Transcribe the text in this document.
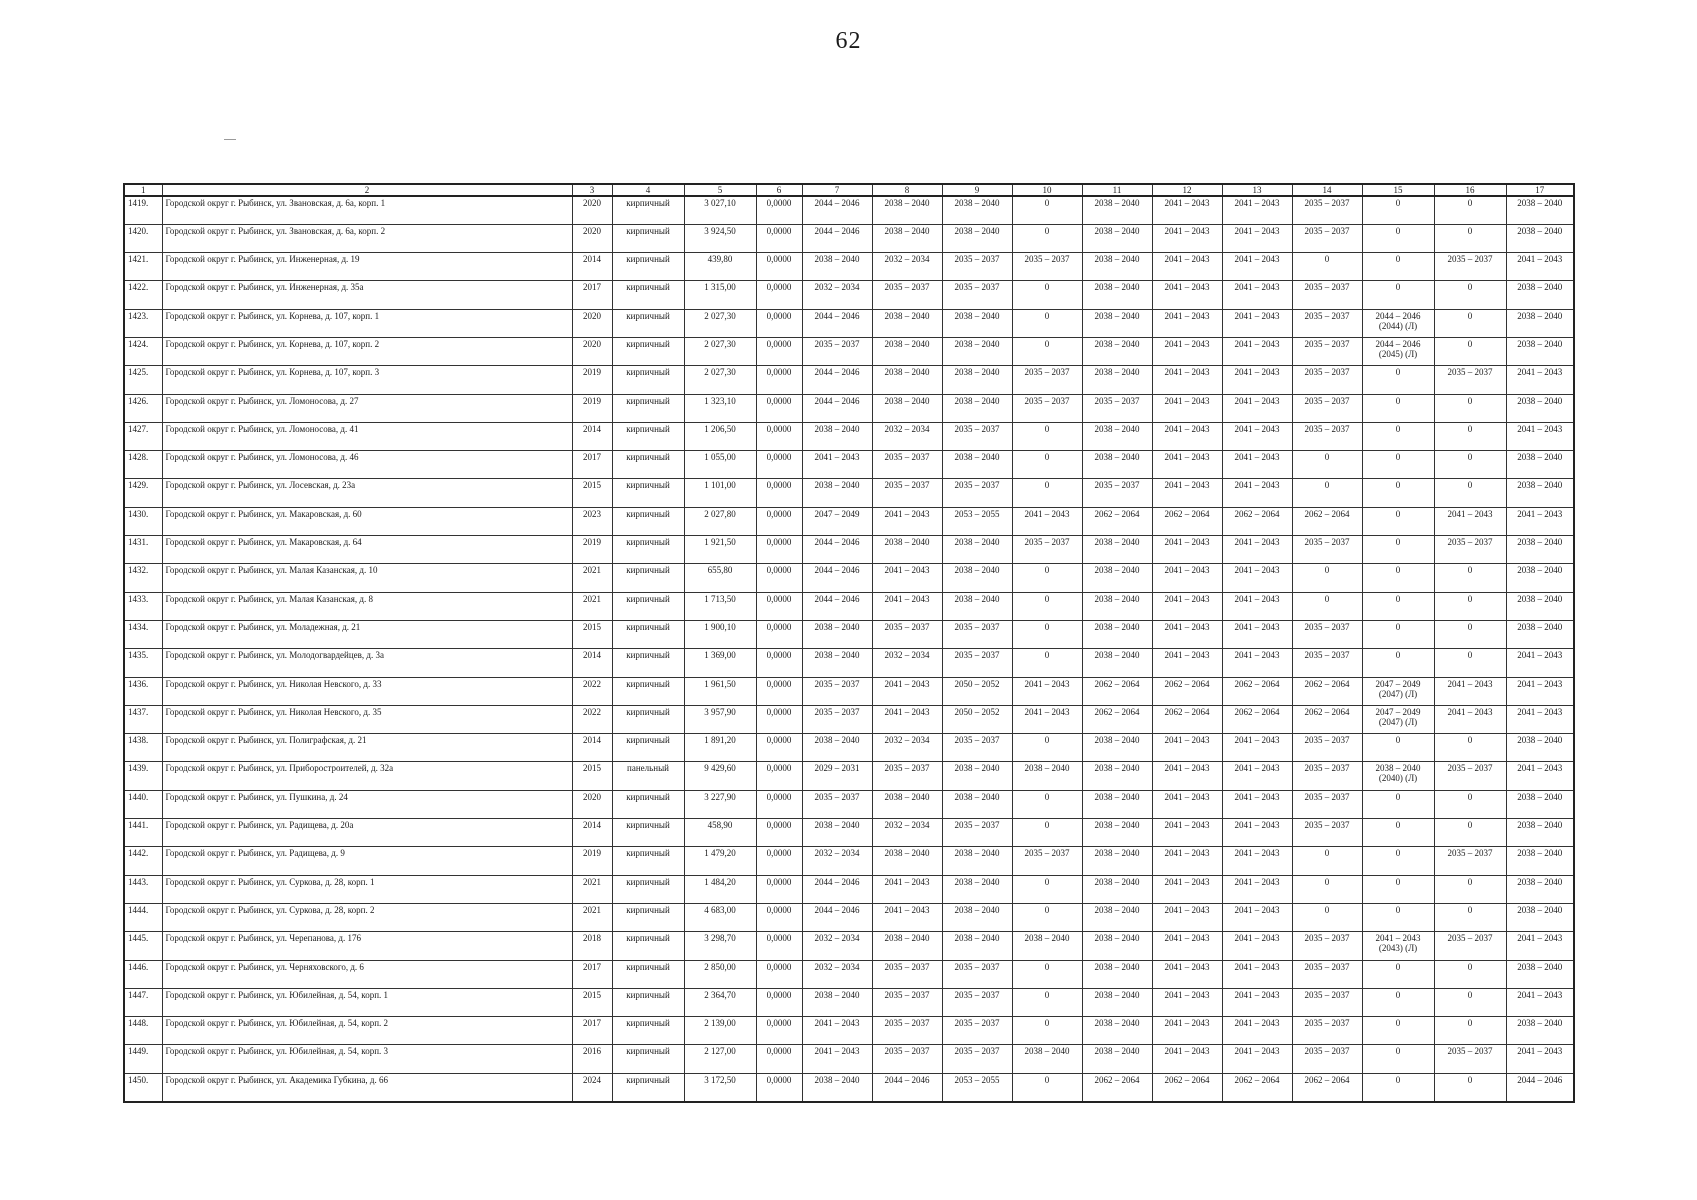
62
1	2	3	4	5	6	7	8	9	10	11	12	13	14	15	16	17
1419.	Городской округ г. Рыбинск, ул. Звановская, д. 6а, корп. 1	2020	кирпичный	3 027,10	0,0000	2044 – 2046	2038 – 2040	2038 – 2040	0	2038 – 2040	2041 – 2043	2041 – 2043	2035 – 2037	0	0	2038 – 2040
1420.	Городской округ г. Рыбинск, ул. Звановская, д. 6а, корп. 2	2020	кирпичный	3 924,50	0,0000	2044 – 2046	2038 – 2040	2038 – 2040	0	2038 – 2040	2041 – 2043	2041 – 2043	2035 – 2037	0	0	2038 – 2040
1421.	Городской округ г. Рыбинск, ул. Инженерная, д. 19	2014	кирпичный	439,80	0,0000	2038 – 2040	2032 – 2034	2035 – 2037	2035 – 2037	2038 – 2040	2041 – 2043	2041 – 2043	0	0	2035 – 2037	2041 – 2043
1422.	Городской округ г. Рыбинск, ул. Инженерная, д. 35а	2017	кирпичный	1 315,00	0,0000	2032 – 2034	2035 – 2037	2035 – 2037	0	2038 – 2040	2041 – 2043	2041 – 2043	2035 – 2037	0	0	2038 – 2040
1423.	Городской округ г. Рыбинск, ул. Корнева, д. 107, корп. 1	2020	кирпичный	2 027,30	0,0000	2044 – 2046	2038 – 2040	2038 – 2040	0	2038 – 2040	2041 – 2043	2041 – 2043	2035 – 2037	2044 – 2046 (2044) (Л)	0	2038 – 2040
1424.	Городской округ г. Рыбинск, ул. Корнева, д. 107, корп. 2	2020	кирпичный	2 027,30	0,0000	2035 – 2037	2038 – 2040	2038 – 2040	0	2038 – 2040	2041 – 2043	2041 – 2043	2035 – 2037	2044 – 2046 (2045) (Л)	0	2038 – 2040
1425.	Городской округ г. Рыбинск, ул. Корнева, д. 107, корп. 3	2019	кирпичный	2 027,30	0,0000	2044 – 2046	2038 – 2040	2038 – 2040	2035 – 2037	2038 – 2040	2041 – 2043	2041 – 2043	2035 – 2037	0	2035 – 2037	2041 – 2043
1426.	Городской округ г. Рыбинск, ул. Ломоносова, д. 27	2019	кирпичный	1 323,10	0,0000	2044 – 2046	2038 – 2040	2038 – 2040	2035 – 2037	2035 – 2037	2041 – 2043	2041 – 2043	2035 – 2037	0	0	2038 – 2040
1427.	Городской округ г. Рыбинск, ул. Ломоносова, д. 41	2014	кирпичный	1 206,50	0,0000	2038 – 2040	2032 – 2034	2035 – 2037	0	2038 – 2040	2041 – 2043	2041 – 2043	2035 – 2037	0	0	2041 – 2043
1428.	Городской округ г. Рыбинск, ул. Ломоносова, д. 46	2017	кирпичный	1 055,00	0,0000	2041 – 2043	2035 – 2037	2038 – 2040	0	2038 – 2040	2041 – 2043	2041 – 2043	0	0	0	2038 – 2040
1429.	Городской округ г. Рыбинск, ул. Лосевская, д. 23а	2015	кирпичный	1 101,00	0,0000	2038 – 2040	2035 – 2037	2035 – 2037	0	2035 – 2037	2041 – 2043	2041 – 2043	0	0	0	2038 – 2040
1430.	Городской округ г. Рыбинск, ул. Макаровская, д. 60	2023	кирпичный	2 027,80	0,0000	2047 – 2049	2041 – 2043	2053 – 2055	2041 – 2043	2062 – 2064	2062 – 2064	2062 – 2064	2062 – 2064	0	2041 – 2043	2041 – 2043
1431.	Городской округ г. Рыбинск, ул. Макаровская, д. 64	2019	кирпичный	1 921,50	0,0000	2044 – 2046	2038 – 2040	2038 – 2040	2035 – 2037	2038 – 2040	2041 – 2043	2041 – 2043	2035 – 2037	0	2035 – 2037	2038 – 2040
1432.	Городской округ г. Рыбинск, ул. Малая Казанская, д. 10	2021	кирпичный	655,80	0,0000	2044 – 2046	2041 – 2043	2038 – 2040	0	2038 – 2040	2041 – 2043	2041 – 2043	0	0	0	2038 – 2040
1433.	Городской округ г. Рыбинск, ул. Малая Казанская, д. 8	2021	кирпичный	1 713,50	0,0000	2044 – 2046	2041 – 2043	2038 – 2040	0	2038 – 2040	2041 – 2043	2041 – 2043	0	0	0	2038 – 2040
1434.	Городской округ г. Рыбинск, ул. Моладежная, д. 21	2015	кирпичный	1 900,10	0,0000	2038 – 2040	2035 – 2037	2035 – 2037	0	2038 – 2040	2041 – 2043	2041 – 2043	2035 – 2037	0	0	2038 – 2040
1435.	Городской округ г. Рыбинск, ул. Молодогвардейцев, д. 3а	2014	кирпичный	1 369,00	0,0000	2038 – 2040	2032 – 2034	2035 – 2037	0	2038 – 2040	2041 – 2043	2041 – 2043	2035 – 2037	0	0	2041 – 2043
1436.	Городской округ г. Рыбинск, ул. Николая Невского, д. 33	2022	кирпичный	1 961,50	0,0000	2035 – 2037	2041 – 2043	2050 – 2052	2041 – 2043	2062 – 2064	2062 – 2064	2062 – 2064	2062 – 2064	2047 – 2049 (2047) (Л)	2041 – 2043	2041 – 2043
1437.	Городской округ г. Рыбинск, ул. Николая Невского, д. 35	2022	кирпичный	3 957,90	0,0000	2035 – 2037	2041 – 2043	2050 – 2052	2041 – 2043	2062 – 2064	2062 – 2064	2062 – 2064	2062 – 2064	2047 – 2049 (2047) (Л)	2041 – 2043	2041 – 2043
1438.	Городской округ г. Рыбинск, ул. Полиграфская, д. 21	2014	кирпичный	1 891,20	0,0000	2038 – 2040	2032 – 2034	2035 – 2037	0	2038 – 2040	2041 – 2043	2041 – 2043	2035 – 2037	0	0	2038 – 2040
1439.	Городской округ г. Рыбинск, ул. Приборостроителей, д. 32а	2015	панельный	9 429,60	0,0000	2029 – 2031	2035 – 2037	2038 – 2040	2038 – 2040	2038 – 2040	2041 – 2043	2041 – 2043	2035 – 2037	2038 – 2040 (2040) (Л)	2035 – 2037	2041 – 2043
1440.	Городской округ г. Рыбинск, ул. Пушкина, д. 24	2020	кирпичный	3 227,90	0,0000	2035 – 2037	2038 – 2040	2038 – 2040	0	2038 – 2040	2041 – 2043	2041 – 2043	2035 – 2037	0	0	2038 – 2040
1441.	Городской округ г. Рыбинск, ул. Радищева, д. 20а	2014	кирпичный	458,90	0,0000	2038 – 2040	2032 – 2034	2035 – 2037	0	2038 – 2040	2041 – 2043	2041 – 2043	2035 – 2037	0	0	2038 – 2040
1442.	Городской округ г. Рыбинск, ул. Радищева, д. 9	2019	кирпичный	1 479,20	0,0000	2032 – 2034	2038 – 2040	2038 – 2040	2035 – 2037	2038 – 2040	2041 – 2043	2041 – 2043	0	0	2035 – 2037	2038 – 2040
1443.	Городской округ г. Рыбинск, ул. Суркова, д. 28, корп. 1	2021	кирпичный	1 484,20	0,0000	2044 – 2046	2041 – 2043	2038 – 2040	0	2038 – 2040	2041 – 2043	2041 – 2043	0	0	0	2038 – 2040
1444.	Городской округ г. Рыбинск, ул. Суркова, д. 28, корп. 2	2021	кирпичный	4 683,00	0,0000	2044 – 2046	2041 – 2043	2038 – 2040	0	2038 – 2040	2041 – 2043	2041 – 2043	0	0	0	2038 – 2040
1445.	Городской округ г. Рыбинск, ул. Черепанова, д. 176	2018	кирпичный	3 298,70	0,0000	2032 – 2034	2038 – 2040	2038 – 2040	2038 – 2040	2038 – 2040	2041 – 2043	2041 – 2043	2035 – 2037	2041 – 2043 (2043) (Л)	2035 – 2037	2041 – 2043
1446.	Городской округ г. Рыбинск, ул. Черняховского, д. 6	2017	кирпичный	2 850,00	0,0000	2032 – 2034	2035 – 2037	2035 – 2037	0	2038 – 2040	2041 – 2043	2041 – 2043	2035 – 2037	0	0	2038 – 2040
1447.	Городской округ г. Рыбинск, ул. Юбилейная, д. 54, корп. 1	2015	кирпичный	2 364,70	0,0000	2038 – 2040	2035 – 2037	2035 – 2037	0	2038 – 2040	2041 – 2043	2041 – 2043	2035 – 2037	0	0	2041 – 2043
1448.	Городской округ г. Рыбинск, ул. Юбилейная, д. 54, корп. 2	2017	кирпичный	2 139,00	0,0000	2041 – 2043	2035 – 2037	2035 – 2037	0	2038 – 2040	2041 – 2043	2041 – 2043	2035 – 2037	0	0	2038 – 2040
1449.	Городской округ г. Рыбинск, ул. Юбилейная, д. 54, корп. 3	2016	кирпичный	2 127,00	0,0000	2041 – 2043	2035 – 2037	2035 – 2037	2038 – 2040	2038 – 2040	2041 – 2043	2041 – 2043	2035 – 2037	0	2035 – 2037	2041 – 2043
1450.	Городской округ г. Рыбинск, ул. Академика Губкина, д. 66	2024	кирпичный	3 172,50	0,0000	2038 – 2040	2044 – 2046	2053 – 2055	0	2062 – 2064	2062 – 2064	2062 – 2064	2062 – 2064	0	0	2044 – 2046
